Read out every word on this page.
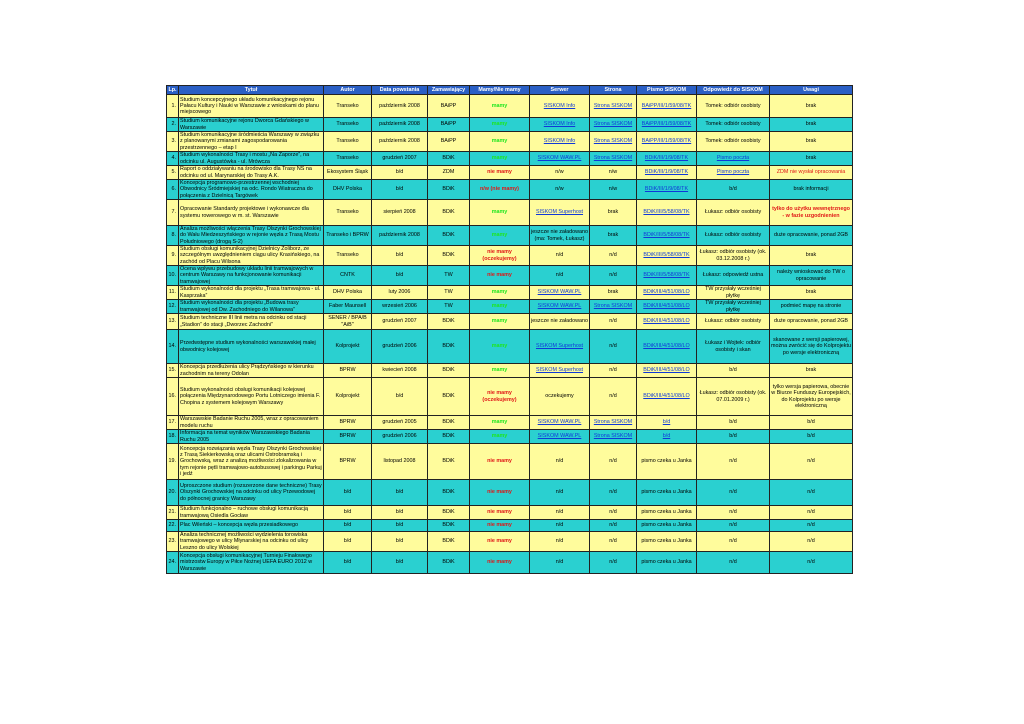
Lp.	Tytuł	Autor	Data powstania	Zamawiający	Mamy/Nie mamy	Serwer	Strona	Pismo SISKOM	Odpowiedź do SISKOM	Uwagi
1.	Studium koncepcyjnego układu komunikacyjnego rejonu Pałacu Kultury i Nauki w Warszawie z wnioskami do planu miejscowego	Transeko	październik 2008	BAiPP	mamy	SISKOM Info	Strona SISKOM	BAiPP/III/1/59/08/TK	Tomek: odbiór osobisty	brak
2.	Studium komunikacyjne rejonu Dworca Gdańskiego w Warszawie	Transeko	październik 2008	BAiPP	mamy	SISKOM Info	Strona SISKOM	BAiPP/III/1/59/08/TK	Tomek: odbiór osobisty	brak
3.	Studium komunikacyjne śródmieścia Warszawy w związku z planowanymi zmianami zagospodarowania przestrzennego – etap I	Transeko	październik 2008	BAiPP	mamy	SISKOM Info	Strona SISKOM	BAiPP/III/1/59/08/TK	Tomek: odbiór osobisty	brak
4.	Studium wykonalności Trasy i mostu „Na Zaporze”, na odcinku ul. Augustówka - ul. Mrówcza	Transeko	grudzień 2007	BDiK	mamy	SISKOM WAW.PL	Strona SISKOM	BDiK/III/1/9/08/TK	Pismo poczta	brak
5.	Raport o oddziaływaniu na środowisko dla Trasy NS na odcinku od ul. Marynarskiej do Trasy A.K.	Ekosystem Śląsk	b/d	ZDM	nie mamy	n/w	n/w	BDiK/III/1/9/08/TK	Pismo poczta	ZDM nie wysłał opracowania
6.	Koncepcja programowo-przestrzennej wschodniej Obwodnicy Śródmiejskiej na odc. Rondo Wiatraczna do połączenia z Dzielnicą Targówek	DHV Polska	b/d	BDiK	n/w (nie mamy)	n/w	n/w	BDiK/III/1/9/08/TK	b/d	brak informacji
7.	Opracowanie Standardy projektowe i wykonawcze dla systemu rowerowego w m. st. Warszawie	Transeko	sierpień 2008	BDiK	mamy	SISKOM Superhost	brak	BDiK/III/5/58/08/TK	Łukasz: odbiór osobisty	tylko do użytku wewnętrznego - w fazie uzgodnienien
8.	Analiza możliwości włączenia Trasy Olszynki Grochowskiej do Wału Miedzeszyńskiego w rejonie węzła z Trasą Mostu Południowego (drogą S-2)	Transeko i BPRW	październik 2008	BDiK	mamy	jeszcze nie załadowano (ma: Tomek, Łukasz)	brak	BDiK/III/5/58/08/TK	Łukasz: odbiór osobisty	duże opracowanie, ponad 2GB
9.	Studium obsługi komunikacyjnej Dzielnicy Żoliborz, ze szczególnym uwzględnieniem ciągu ulicy Krasińskiego, na zachód od Placu Wilsona	Transeko	b/d	BDiK	nie mamy (oczekujemy)	n/d	n/d	BDiK/III/5/58/08/TK	Łukasz: odbiór osobisty (ok. 03.12.2008 r.)	brak
10.	Ocena wpływu przebudowy układu linii tramwajowych w centrum Warszawy na funkcjonowanie komunikacji tramwajowej	CNTK	b/d	TW	nie mamy	n/d	n/d	BDiK/III/5/58/08/TK	Łukasz: odpowiedź ustna	należy wnioskować do TW o opracowanie
11.	Studium wykonalności dla projektu „Trasa tramwajowa - ul. Kasprzaka”	DHV Polska	luty 2006	TW	mamy	SISKOM WAW.PL	brak	BDiK/III/4/51/08/LO	TW przysłały wcześniej płytkę	brak
12.	Studium wykonalności dla projektu „Budowa trasy tramwajowej od Dw. Zachodniego do Wilanowa”	Faber Maunsell	wrzesień 2006	TW	mamy	SISKOM WAW.PL	Strona SISKOM	BDiK/III/4/51/08/LO	TW przysłały wcześniej płytkę	podmieć mapę na stronie
13.	Studium techniczne III linii metra na odcinku od stacji „Stadion” do stacji „Dworzec Zachodni”	SENER / BPA/B "AiB"	grudzień 2007	BDiK	mamy	jeszcze nie załadowano	n/d	BDiK/III/4/51/08/LO	Łukasz: odbiór osobisty	duże opracowanie, ponad 2GB
14.	Przedwstępne studium wykonalności warszawskiej małej obwodnicy kolejowej	Kolprojekt	grudzień 2006	BDiK	mamy	SISKOM Superhost	n/d	BDiK/III/4/51/08/LO	Łukasz i Wojtek: odbiór osobisty i skan	skanowane z wersji papierowej, można zwrócić się do Kolprojektu po wersje elektroniczną
15.	Koncepcja przedłużenia ulicy Prądzyńskiego w kierunku zachodnim na tereny Odolan	BPRW	kwiecień 2008	BDiK	mamy	SISKOM Superhost	n/d	BDiK/III/4/51/08/LO	b/d	brak
16.	Studium wykonalności obsługi komunikacji kolejowej połączenia Międzynarodowego Portu Lotniczego imienia F. Chopina z systemem kolejowym Warszawy	Kolprojekt	b/d	BDiK	nie mamy (oczekujemy)	oczekujemy	n/d	BDiK/III/4/51/08/LO	Łukasz: odbiór osobisty (ok. 07.01.2009 r.)	tylko wersja papierowa, obecnie w Biurze Funduszy Europejskich, do Kolprojektu po wersje elektroniczną
17.	Warszawskie Badanie Ruchu 2005, wraz z opracowaniem modelu ruchu	BPRW	grudzień 2005	BDiK	mamy	SISKOM WAW.PL	Strona SISKOM	b/d	b/d	b/d
18.	Informacja na temat wyników Warszawskiego Badania Ruchu 2005	BPRW	grudzień 2006	BDiK	mamy	SISKOM WAW.PL	Strona SISKOM	b/d	b/d	b/d
19.	Koncepcja rozwiązania węzła Trasy Olszynki Grochowskiej z Trasą Siekierkowską oraz ulicami Ostrobramską i Grochowską, wraz z analizą możliwości zlokalizowania w tym rejonie pętli tramwajowo-autobusowej i parkingu Parkuj i jedź	BPRW	listopad 2008	BDiK	nie mamy	n/d	n/d	pismo czeka u Janka	n/d	n/d
20.	Uproszczone studium (rozszerzone dane techniczne) Trasy Olszynki Grochowskiej na odcinku od ulicy Przewodowej do północnej granicy Warszawy	b/d	b/d	BDiK	nie mamy	n/d	n/d	pismo czeka u Janka	n/d	n/d
21.	Studium funkcjonalno – ruchowe obsługi komunikacją tramwajową Osiedla Gocław	b/d	b/d	BDiK	nie mamy	n/d	n/d	pismo czeka u Janka	n/d	n/d
22.	Plac Wileński – koncepcja węzła przesiadkowego	b/d	b/d	BDiK	nie mamy	n/d	n/d	pismo czeka u Janka	n/d	n/d
23.	Analiza technicznej możliwości wydzielenia torowiska tramwajowego w ulicy Młynarskiej na odcinku od ulicy Leszno do ulicy Wolskiej	b/d	b/d	BDiK	nie mamy	n/d	n/d	pismo czeka u Janka	n/d	n/d
24.	Koncepcja obsługi komunikacyjnej Turnieju Finałowego mistrzostw Europy w Piłce Nożnej UEFA EURO 2012 w Warszawie	b/d	b/d	BDiK	nie mamy	n/d	n/d	pismo czeka u Janka	n/d	n/d
